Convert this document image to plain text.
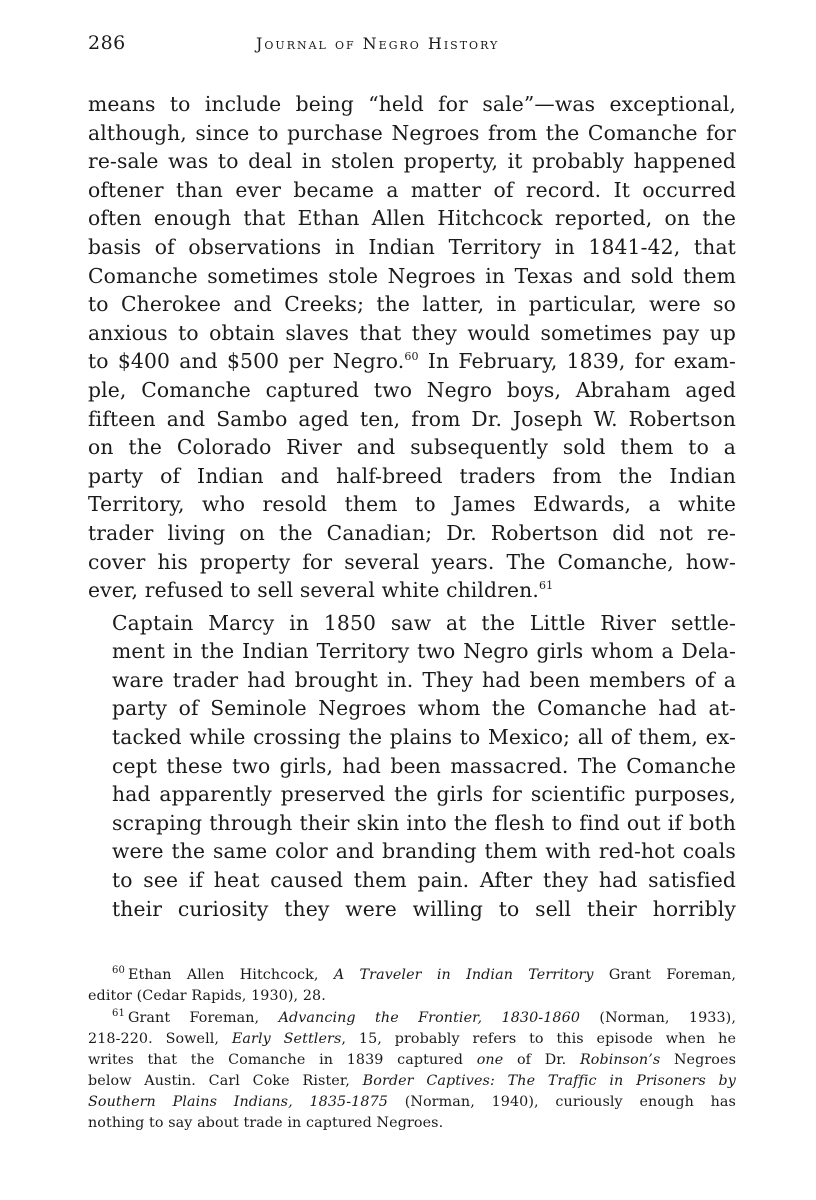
286	Journal of Negro History

means to include being “held for sale”—was exceptional,
although, since to purchase Negroes from the Comanche for
re-sale was to deal in stolen property, it probably happened
oftener than ever became a matter of record. It occurred
often enough that Ethan Allen Hitchcock reported, on the
basis of observations in Indian Territory in 1841-42, that
Comanche sometimes stole Negroes in Texas and sold them
to Cherokee and Creeks; the latter, in particular, were so
anxious to obtain slaves that they would sometimes pay up
to $400 and $500 per Negro.$^{60}$ In February, 1839, for exam-
ple, Comanche captured two Negro boys, Abraham aged
fifteen and Sambo aged ten, from Dr. Joseph W. Robertson
on the Colorado River and subsequently sold them to a
party of Indian and half-breed traders from the Indian
Territory, who resold them to James Edwards, a white
trader living on the Canadian; Dr. Robertson did not re-
cover his property for several years. The Comanche, how-
ever, refused to sell several white children.$^{61}$

Captain Marcy in 1850 saw at the Little River settle-
ment in the Indian Territory two Negro girls whom a Dela-
ware trader had brought in. They had been members of a
party of Seminole Negroes whom the Comanche had at-
tacked while crossing the plains to Mexico; all of them, ex-
cept these two girls, had been massacred. The Comanche
had apparently preserved the girls for scientific purposes,
scraping through their skin into the flesh to find out if both
were the same color and branding them with red-hot coals
to see if heat caused them pain. After they had satisfied
their curiosity they were willing to sell their horribly

$^{60}$ Ethan Allen Hitchcock, A Traveler in Indian Territory Grant Foreman,
editor (Cedar Rapids, 1930), 28.
$^{61}$ Grant Foreman, Advancing the Frontier, 1830-1860 (Norman, 1933),
218-220. Sowell, Early Settlers, 15, probably refers to this episode when he
writes that the Comanche in 1839 captured one of Dr. Robinson’s Negroes
below Austin. Carl Coke Rister, Border Captives: The Traffic in Prisoners by
Southern Plains Indians, 1835-1875 (Norman, 1940), curiously enough has
nothing to say about trade in captured Negroes.
